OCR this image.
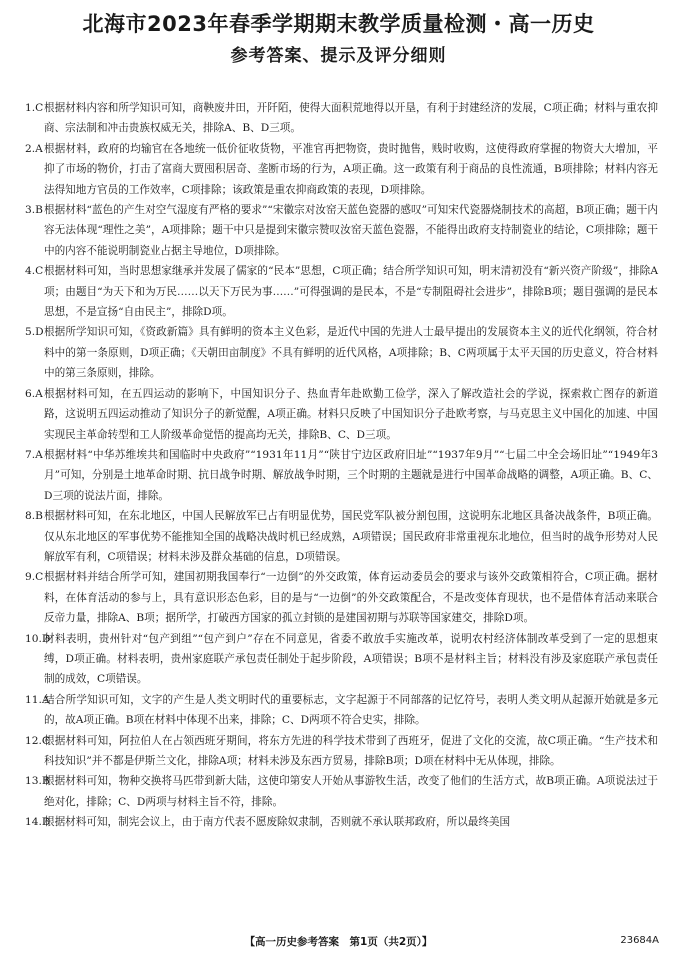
北海市2023年春季学期期末教学质量检测・高一历史
参考答案、提示及评分细则
1.C 根据材料内容和所学知识可知，商鞅废井田，开阡陌，使得大面积荒地得以开垦，有利于封建经济的发展，C项正确；材料与重农抑商、宗法制和冲击贵族权威无关，排除A、B、D三项。

2.A 根据材料，政府的均输官在各地统一低价征收货物，平准官再把物资，贵时抛售，贱时收购，这使得政府掌握的物资大大增加，平抑了市场的物价，打击了富商大贾囤积居奇、垄断市场的行为，A项正确。这一政策有利于商品的良性流通，B项排除；材料内容无法得知地方官员的工作效率，C项排除；该政策是重农抑商政策的表现，D项排除。

3.B 根据材料“蓝色的产生对空气湿度有严格的要求”“宋徽宗对汝窑天蓝色瓷器的感叹”可知宋代瓷器烧制技术的高超，B项正确；题干内容无法体现“理性之美”，A项排除；题干中只是提到宋徽宗赞叹汝窑天蓝色瓷器，不能得出政府支持制瓷业的结论，C项排除；题干中的内容不能说明制瓷业占据主导地位，D项排除。

4.C 根据材料可知，当时思想家继承并发展了儒家的“民本”思想，C项正确；结合所学知识可知，明末清初没有“新兴资产阶级”，排除A项；由题目“为天下和为万民……以天下万民为事……”可得强调的是民本，不是“专制阻碍社会进步”，排除B项；题目强调的是民本思想，不是宣扬“自由民主”，排除D项。

5.D 根据所学知识可知，《资政新篇》具有鲜明的资本主义色彩，是近代中国的先进人士最早提出的发展资本主义的近代化纲领，符合材料中的第一条原则，D项正确；《天朝田亩制度》不具有鲜明的近代风格，A项排除；B、C两项属于太平天国的历史意义，符合材料中的第三条原则，排除。

6.A 根据材料可知，在五四运动的影响下，中国知识分子、热血青年赴欧勤工俭学，深入了解改造社会的学说，探索救亡图存的新道路，这说明五四运动推动了知识分子的新觉醒，A项正确。材料只反映了中国知识分子赴欧考察，与马克思主义中国化的加速、中国实现民主革命转型和工人阶级革命觉悟的提高均无关，排除B、C、D三项。

7.A 根据材料“中华苏维埃共和国临时中央政府”“1931年11月”“陕甘宁边区政府旧址”“1937年9月”“七届二中全会场旧址”“1949年3月”可知，分别是土地革命时期、抗日战争时期、解放战争时期，三个时期的主题就是进行中国革命战略的调整，A项正确。B、C、D三项的说法片面，排除。

8.B 根据材料可知，在东北地区，中国人民解放军已占有明显优势，国民党军队被分割包围，这说明东北地区具备决战条件，B项正确。仅从东北地区的军事优势不能推知全国的战略决战时机已经成熟，A项错误；国民政府非常重视东北地位，但当时的战争形势对人民解放军有利，C项错误；材料未涉及群众基础的信息，D项错误。

9.C 根据材料并结合所学可知，建国初期我国奉行“一边倒”的外交政策，体育运动委员会的要求与该外交政策相符合，C项正确。据材料，在体育活动的参与上，具有意识形态色彩，目的是与“一边倒”的外交政策配合，不是改变体育现状，也不是借体育活动来联合反帝力量，排除A、B项；据所学，打破西方国家的孤立封锁的是建国初期与苏联等国家建交，排除D项。

10.D

材料表明，贵州针对“包产到组”“包产到户”存在不同意见，省委不敢放手实施改革，说明农村经济体制改革受到了一定的思想束缚，D项正确。材料表明，贵州家庭联产承包责任制处于起步阶段，A项错误；B项不是材料主旨；材料没有涉及家庭联产承包责任制的成效，C项错误。

11.A

结合所学知识可知，文字的产生是人类文明时代的重要标志，文字起源于不同部落的记忆符号，表明人类文明从起源开始就是多元的，故A项正确。B项在材料中体现不出来，排除；C、D两项不符合史实，排除。

12.C

根据材料可知，阿拉伯人在占领西班牙期间，将东方先进的科学技术带到了西班牙，促进了文化的交流，故C项正确。“生产技术和科技知识”并不都是伊斯兰文化，排除A项；材料未涉及东西方贸易，排除B项；D项在材料中无从体现，排除。

13.B

根据材料可知，物种交换将马匹带到新大陆，这使印第安人开始从事游牧生活，改变了他们的生活方式，故B项正确。A项说法过于绝对化，排除；C、D两项与材料主旨不符，排除。

14.D

根据材料可知，制宪会议上，由于南方代表不愿废除奴隶制，否则就不承认联邦政府，所以最终美国

【高一历史参考答案　第1页（共2页）】	23684A
